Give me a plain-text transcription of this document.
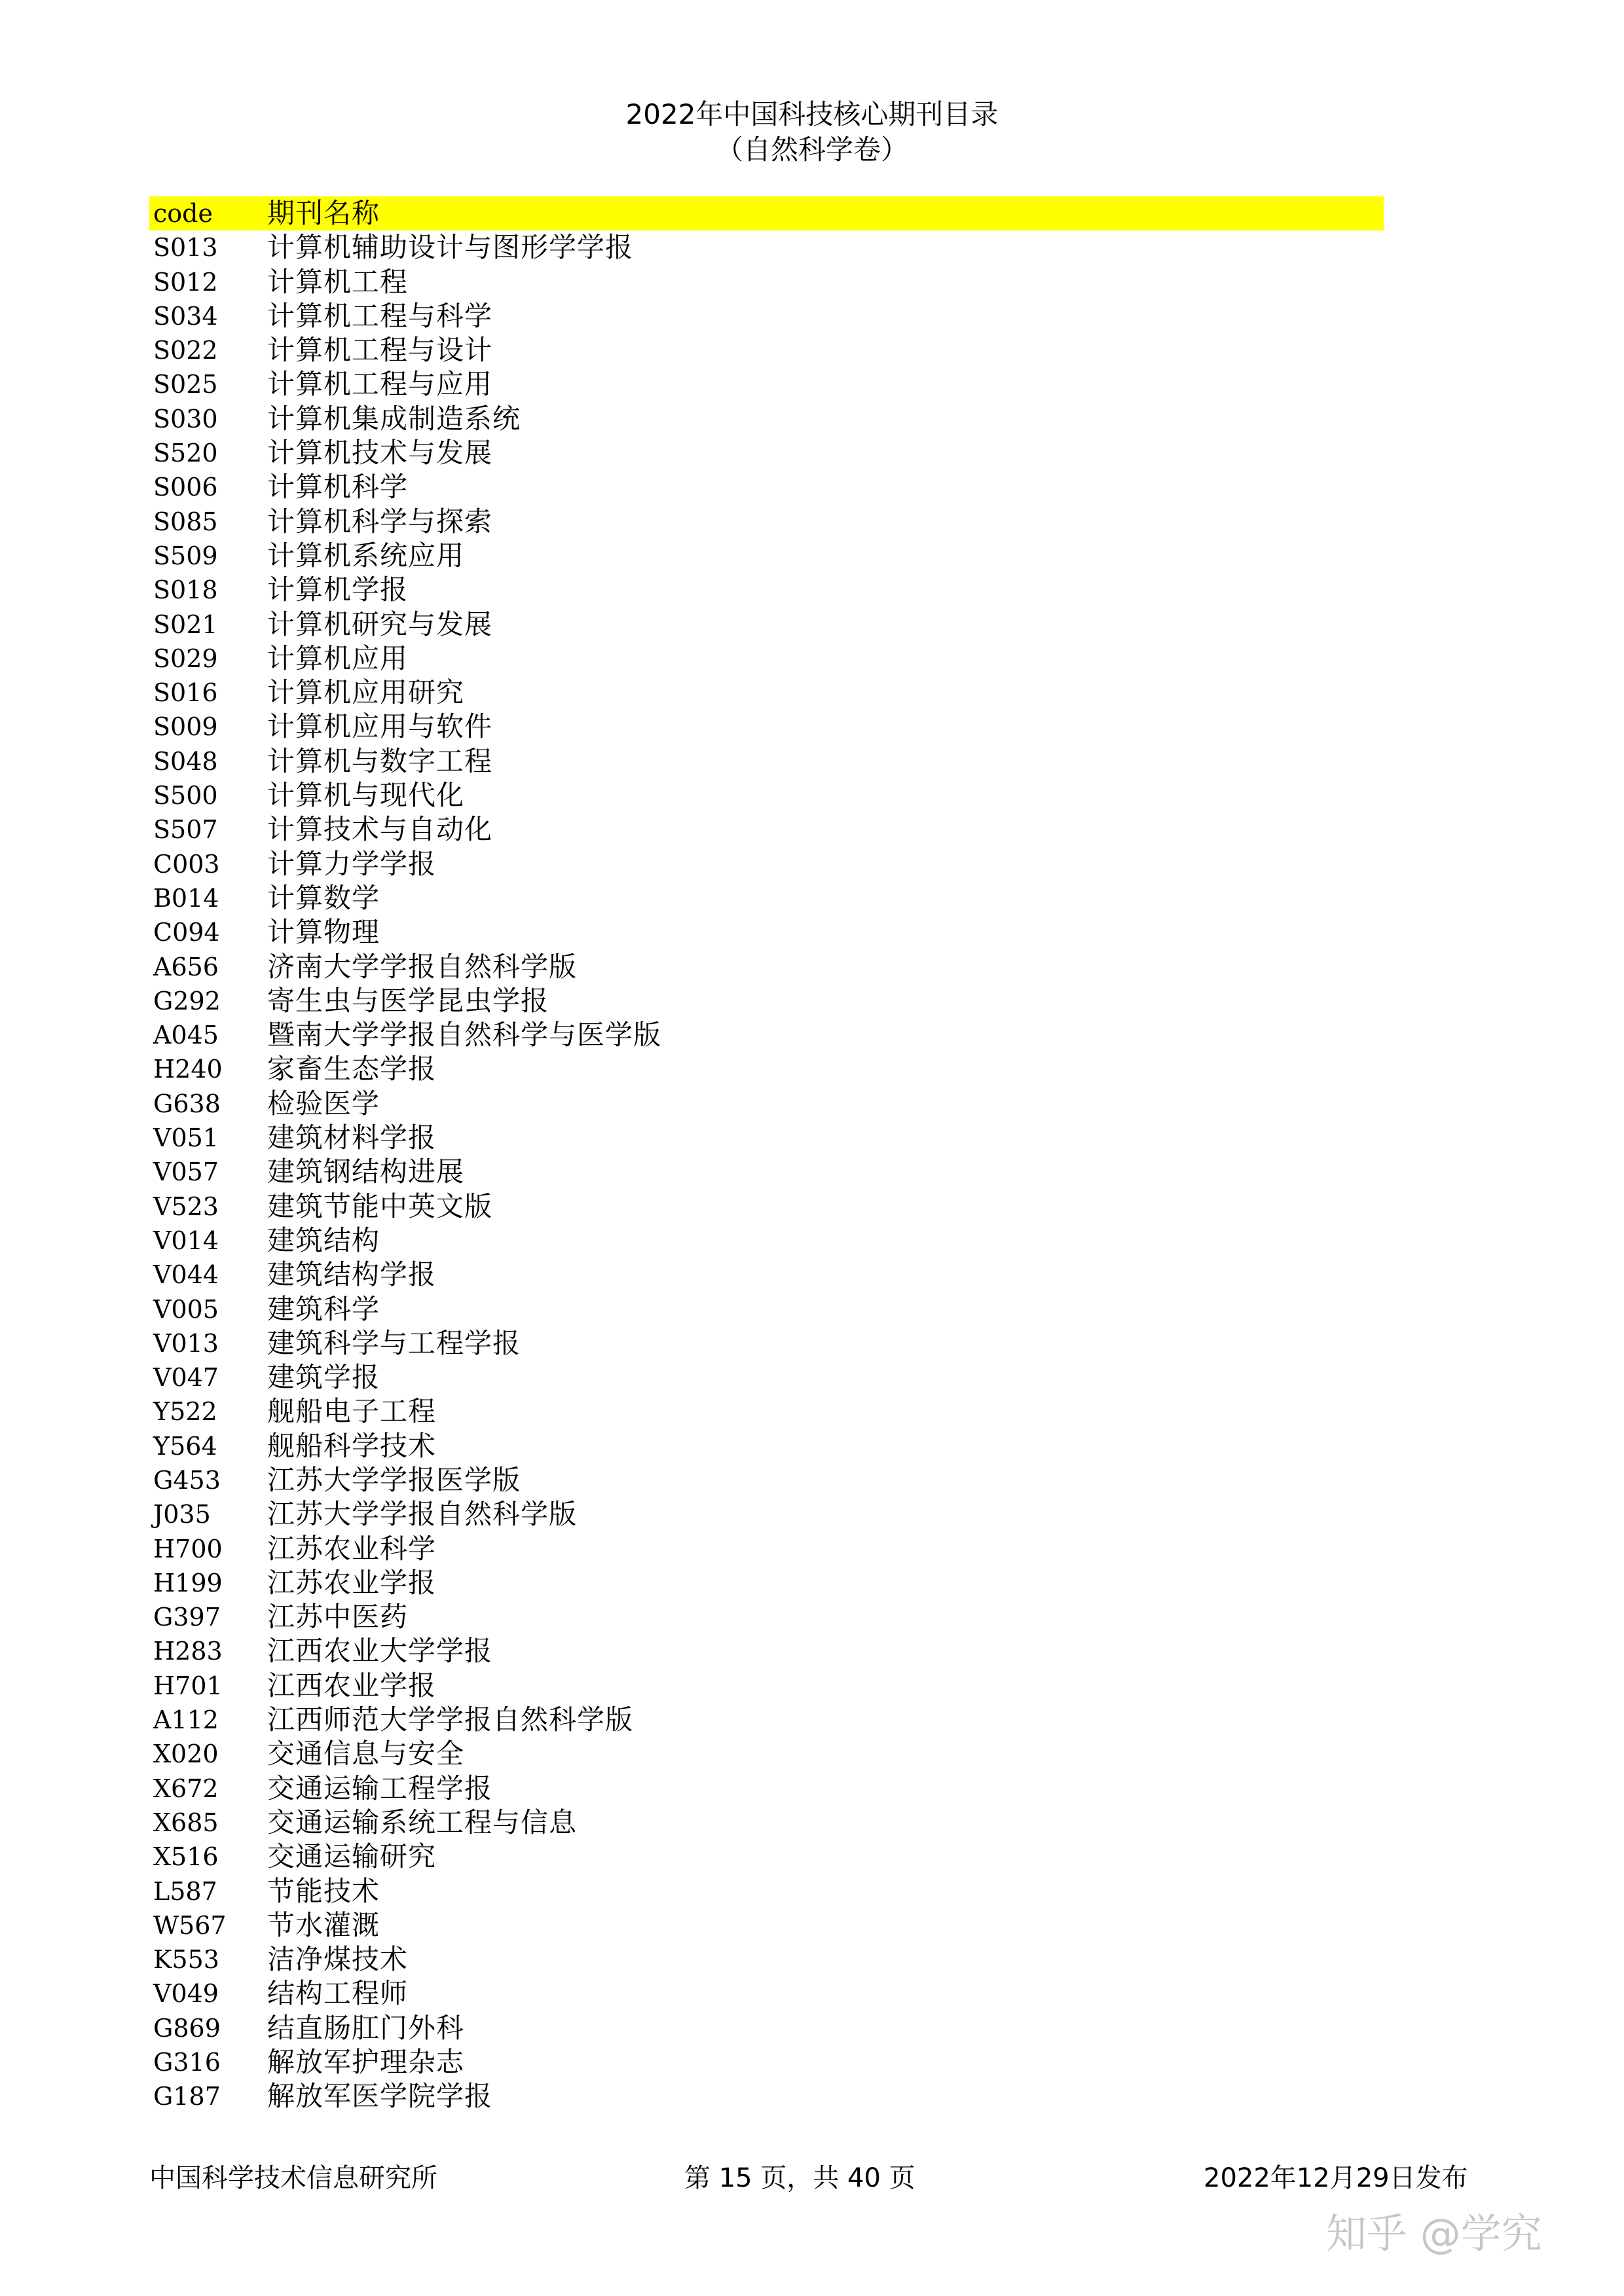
2022年中国科技核心期刊目录
（自然科学卷）
code 期刊名称
S013 计算机辅助设计与图形学学报
S012 计算机工程
S034 计算机工程与科学
S022 计算机工程与设计
S025 计算机工程与应用
S030 计算机集成制造系统
S520 计算机技术与发展
S006 计算机科学
S085 计算机科学与探索
S509 计算机系统应用
S018 计算机学报
S021 计算机研究与发展
S029 计算机应用
S016 计算机应用研究
S009 计算机应用与软件
S048 计算机与数字工程
S500 计算机与现代化
S507 计算技术与自动化
C003 计算力学学报
B014 计算数学
C094 计算物理
A656 济南大学学报自然科学版
G292 寄生虫与医学昆虫学报
A045 暨南大学学报自然科学与医学版
H240 家畜生态学报
G638 检验医学
V051 建筑材料学报
V057 建筑钢结构进展
V523 建筑节能中英文版
V014 建筑结构
V044 建筑结构学报
V005 建筑科学
V013 建筑科学与工程学报
V047 建筑学报
Y522 舰船电子工程
Y564 舰船科学技术
G453 江苏大学学报医学版
J035 江苏大学学报自然科学版
H700 江苏农业科学
H199 江苏农业学报
G397 江苏中医药
H283 江西农业大学学报
H701 江西农业学报
A112 江西师范大学学报自然科学版
X020 交通信息与安全
X672 交通运输工程学报
X685 交通运输系统工程与信息
X516 交通运输研究
L587 节能技术
W567 节水灌溉
K553 洁净煤技术
V049 结构工程师
G869 结直肠肛门外科
G316 解放军护理杂志
G187 解放军医学院学报
中国科学技术信息研究所	第 15 页，共 40 页	2022年12月29日发布
知乎 @学究
